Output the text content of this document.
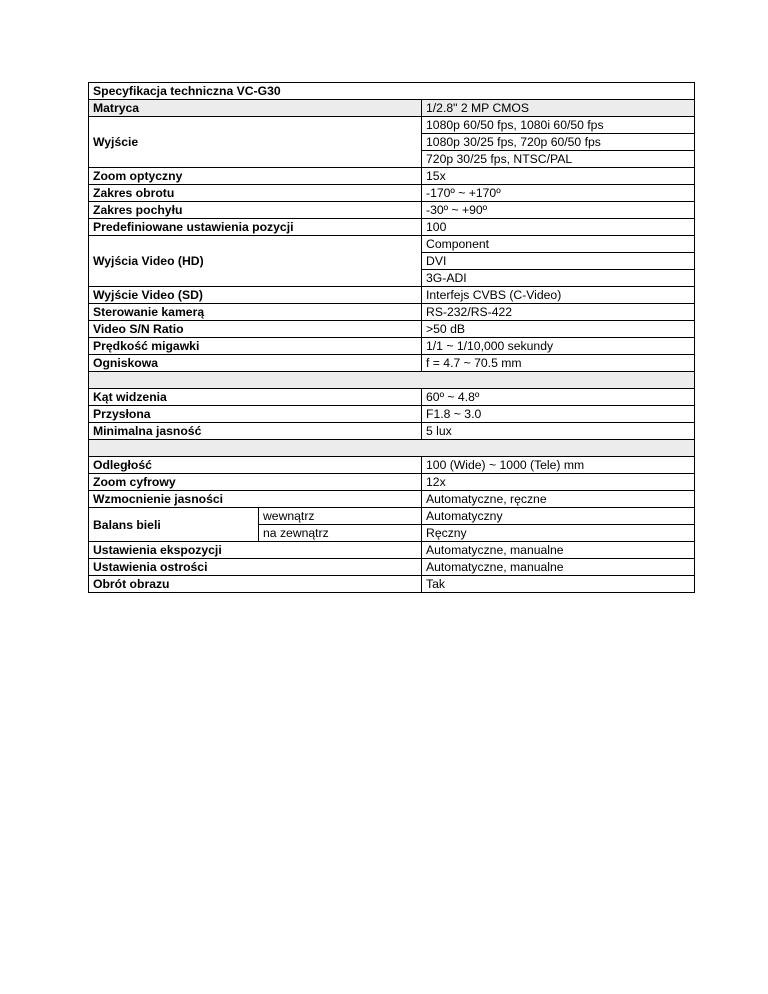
Specyfikacja techniczna VC-G30		
Matryca		1/2.8" 2 MP CMOS
Wyjście		1080p 60/50 fps, 1080i 60/50 fps
		1080p 30/25 fps, 720p 60/50 fps
		720p 30/25 fps, NTSC/PAL
Zoom optyczny		15x
Zakres obrotu		-170º ~ +170º
Zakres pochyłu		-30º ~ +90º
Predefiniowane ustawienia pozycji		100
Wyjścia Video (HD)		Component
		DVI
		3G-ADI
Wyjście Video (SD)		Interfejs CVBS (C-Video)
Sterowanie kamerą		RS-232/RS-422
Video S/N Ratio		>50 dB
Prędkość migawki		1/1 ~ 1/10,000 sekundy
Ogniskowa		f = 4.7 ~ 70.5 mm

Kąt widzenia		60º ~ 4.8º
Przysłona		F1.8 ~ 3.0
Minimalna jasność		5 lux

Odległość		100 (Wide) ~ 1000 (Tele) mm
Zoom cyfrowy		12x
Wzmocnienie jasności		Automatyczne, ręczne
Balans bieli	wewnątrz	Automatyczny
	na zewnątrz	Ręczny
Ustawienia ekspozycji		Automatyczne, manualne
Ustawienia ostrości		Automatyczne, manualne
Obrót obrazu		Tak
